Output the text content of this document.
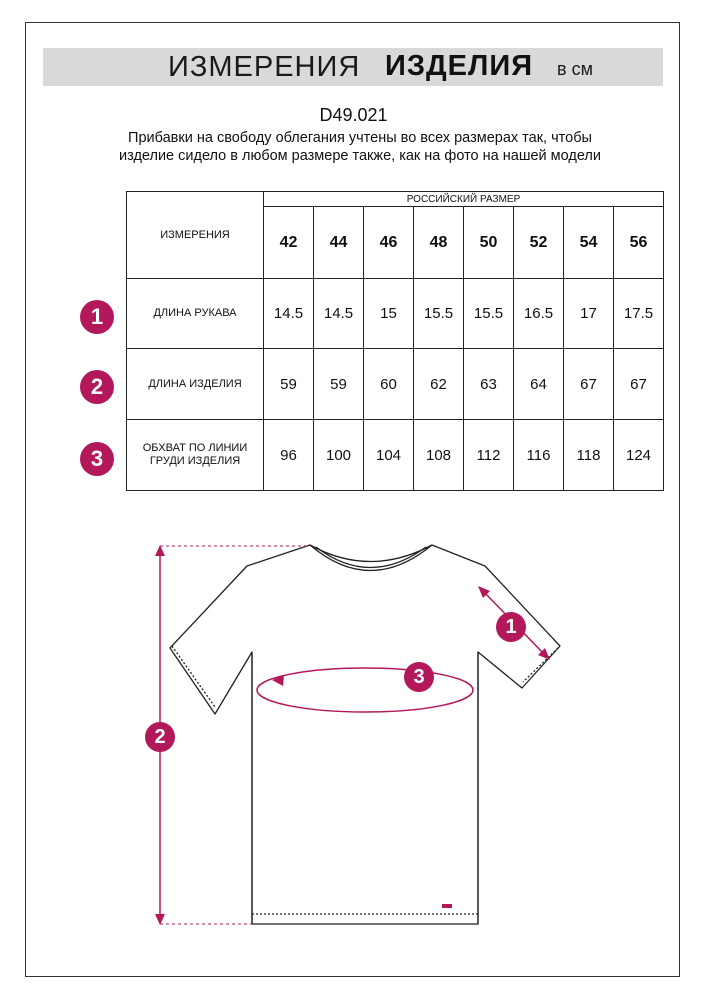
ИЗМЕРЕНИЯ ИЗДЕЛИЯ в см
D49.021
Прибавки на свободу облегания учтены во всех размерах так, чтобы изделие сидело в любом размере также, как на фото на нашей модели
ИЗМЕРЕНИЯ	РОССИЙСКИЙ РАЗМЕР							
	42	44	46	48	50	52	54	56
ДЛИНА РУКАВА	14.5	14.5	15	15.5	15.5	16.5	17	17.5
ДЛИНА ИЗДЕЛИЯ	59	59	60	62	63	64	67	67
ОБХВАТ ПО ЛИНИИ ГРУДИ ИЗДЕЛИЯ	96	100	104	108	112	116	118	124
1
2
3
2
3
1
